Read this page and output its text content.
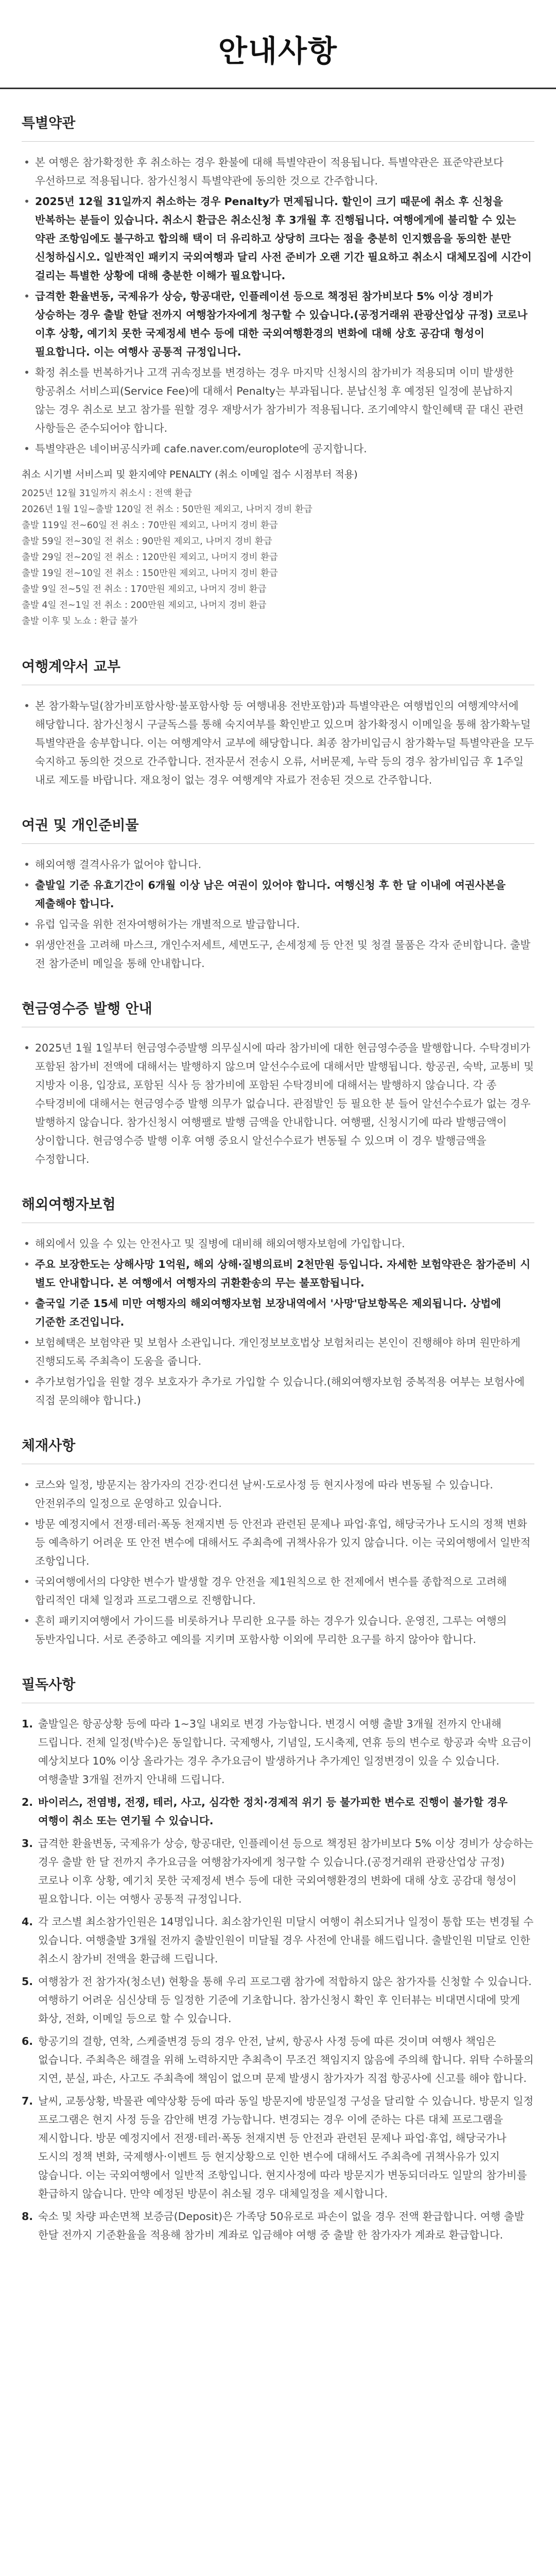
안내사항
특별약관
• 본 여행은 참가확정한 후 취소하는 경우 환불에 대해 특별약관이 적용됩니다. 특별약관은 표준약관보다 우선하므로 적용됩니다. 참가신청시 특별약관에 동의한 것으로 간주합니다.
• 2025년 12월 31일까지 취소하는 경우 Penalty가 면제됩니다. 할인이 크기 때문에 취소 후 신청을 반복하는 분들이 있습니다. 취소시 환급은 취소신청 후 3개월 후 진행됩니다. 여행에게에 불리할 수 있는 약관 조항임에도 불구하고 합의해 택이 더 유리하고 상당히 크다는 점을 충분히 인지했음을 동의한 분만 신청하십시오. 일반적인 패키지 국외여행과 달리 사전 준비가 오랜 기간 필요하고 취소시 대체모집에 시간이 걸리는 특별한 상황에 대해 충분한 이해가 필요합니다.
• 급격한 환율변동, 국제유가 상승, 항공대란, 인플레이션 등으로 책정된 참가비보다 5% 이상 경비가 상승하는 경우 출발 한달 전까지 여행참가자에게 청구할 수 있습니다.(공정거래위 관광산업상 규정) 코로나 이후 상황, 예기치 못한 국제정세 변수 등에 대한 국외여행환경의 변화에 대해 상호 공감대 형성이 필요합니다. 이는 여행사 공통적 규정입니다.
• 확정 취소를 번복하거나 고객 귀속정보를 변경하는 경우 마지막 신청시의 참가비가 적용되며 이미 발생한 항공취소 서비스피(Service Fee)에 대해서 Penalty는 부과됩니다. 분납신청 후 예정된 일정에 분납하지 않는 경우 취소로 보고 참가를 원할 경우 재방서가 참가비가 적용됩니다. 조기예약시 할인혜택 끝 대신 관련 사항들은 준수되어야 합니다.
• 특별약관은 네이버공식카페 cafe.naver.com/europlote에 공지합니다.
취소 시기별 서비스피 및 환지예약 PENALTY (취소 이메일 접수 시점부터 적용)
2025년 12월 31일까지 취소시 : 전액 환급
2026년 1월 1일~출발 120일 전 취소 : 50만원 제외고, 나머지 경비 환급
출발 119일 전~60일 전 취소 : 70만원 제외고, 나머지 경비 환급
출발 59일 전~30일 전 취소 : 90만원 제외고, 나머지 경비 환급
출발 29일 전~20일 전 취소 : 120만원 제외고, 나머지 경비 환급
출발 19일 전~10일 전 취소 : 150만원 제외고, 나머지 경비 환급
출발 9일 전~5일 전 취소 : 170만원 제외고, 나머지 경비 환급
출발 4일 전~1일 전 취소 : 200만원 제외고, 나머지 경비 환급
출발 이후 및 노쇼 : 환급 불가
여행계약서 교부
• 본 참가확누덜(참가비포함사항·불포함사항 등 여행내용 전반포함)과 특별약관은 여행법인의 여행계약서에 해당합니다. 참가신청시 구글독스를 통해 숙지여부를 확인받고 있으며 참가확정시 이메일을 통해 참가확누덜 특별약관을 송부합니다. 이는 여행계약서 교부에 해당합니다. 최종 참가비입금시 참가확누덜 특별약관을 모두 숙지하고 동의한 것으로 간주합니다. 전자문서 전송시 오류, 서버문제, 누락 등의 경우 참가비입금 후 1주일 내로 제도를 바랍니다. 재요청이 없는 경우 여행계약 자료가 전송된 것으로 간주합니다.
여권 및 개인준비물
• 해외여행 결격사유가 없어야 합니다.
• 출발일 기준 유효기간이 6개월 이상 남은 여권이 있어야 합니다. 여행신청 후 한 달 이내에 여권사본을 제출해야 합니다.
• 유럽 입국을 위한 전자여행허가는 개별적으로 발급합니다.
• 위생안전을 고려해 마스크, 개인수저세트, 세면도구, 손세정제 등 안전 및 청결 물품은 각자 준비합니다. 출발 전 참가준비 메일을 통해 안내합니다.
현금영수증 발행 안내
• 2025년 1월 1일부터 현금영수증발행 의무실시에 따라 참가비에 대한 현금영수증을 발행합니다. 수탁경비가 포함된 참가비 전액에 대해서는 발행하지 않으며 알선수수료에 대해서만 발행됩니다. 항공권, 숙박, 교통비 및 지방자 이용, 입장료, 포함된 식사 등 참가비에 포함된 수탁경비에 대해서는 발행하지 않습니다. 각 종 수탁경비에 대해서는 현금영수증 발행 의무가 없습니다. 관점발인 등 필요한 분 들어 알선수수료가 없는 경우 발행하지 않습니다. 참가신청시 여행팰로 발행 금액을 안내합니다. 여행팰, 신청시기에 따라 발행금액이 상이합니다. 현금영수증 발행 이후 여행 중요시 알선수수료가 변동될 수 있으며 이 경우 발행금액을 수정합니다.
해외여행자보험
• 해외에서 있을 수 있는 안전사고 및 질병에 대비해 해외여행자보험에 가입합니다.
• 주요 보장한도는 상해사망 1억원, 해외 상해·질병의료비 2천만원 등입니다. 자세한 보험약관은 참가준비 시 별도 안내합니다. 본 여행에서 여행자의 귀환환송의 무는 불포함됩니다.
• 출국일 기준 15세 미만 여행자의 해외여행자보험 보장내역에서 '사망'담보항목은 제외됩니다. 상법에 기준한 조건입니다.
• 보험혜택은 보험약관 및 보험사 소관입니다. 개인정보보호법상 보험처리는 본인이 진행해야 하며 원만하게 진행되도록 주최측이 도움을 줍니다.
• 추가보험가입을 원할 경우 보호자가 추가로 가입할 수 있습니다.(해외여행자보험 중복적용 여부는 보험사에 직접 문의해야 합니다.)
체재사항
• 코스와 일정, 방문지는 참가자의 건강·컨디션 날씨·도로사정 등 현지사정에 따라 변동될 수 있습니다. 안전위주의 일정으로 운영하고 있습니다.
• 방문 예정지에서 전쟁·테러·폭동 천재지변 등 안전과 관련된 문제나 파업·휴업, 해당국가나 도시의 정책 변화 등 예측하기 어려운 또 안전 변수에 대해서도 주최측에 귀책사유가 있지 않습니다. 이는 국외여행에서 일반적 조항입니다.
• 국외여행에서의 다양한 변수가 발생할 경우 안전을 제1원칙으로 한 전제에서 변수를 종합적으로 고려해 합리적인 대체 일정과 프로그램으로 진행합니다.
• 흔히 패키지여행에서 가이드를 비롯하거나 무리한 요구를 하는 경우가 있습니다. 운영진, 그루는 여행의 동반자입니다. 서로 존중하고 예의를 지키며 포함사항 이외에 무리한 요구를 하지 않아야 합니다.
필독사항
1. 출발일은 항공상황 등에 따라 1~3일 내외로 변경 가능합니다. 변경시 여행 출발 3개월 전까지 안내해 드립니다. 전체 일정(박수)은 동일합니다. 국제행사, 기념일, 도시축제, 연휴 등의 변수로 항공과 숙박 요금이 예상치보다 10% 이상 올라가는 경우 추가요금이 발생하거나 추가계인 일정변경이 있을 수 있습니다. 여행출발 3개월 전까지 안내해 드립니다.
2. 바이러스, 전염병, 전쟁, 테러, 사고, 심각한 정치·경제적 위기 등 불가피한 변수로 진행이 불가할 경우 여행이 취소 또는 연기될 수 있습니다.
3. 급격한 환율변동, 국제유가 상승, 항공대란, 인플레이션 등으로 책정된 참가비보다 5% 이상 경비가 상승하는 경우 출발 한 달 전까지 추가요금을 여행참가자에게 청구할 수 있습니다.(공정거래위 관광산업상 규정) 코로나 이후 상황, 예기치 못한 국제정세 변수 등에 대한 국외여행환경의 변화에 대해 상호 공감대 형성이 필요합니다. 이는 여행사 공통적 규정입니다.
4. 각 코스별 최소참가인원은 14명입니다. 최소참가인원 미달시 여행이 취소되거나 일정이 통합 또는 변경될 수 있습니다. 여행출발 3개월 전까지 출발인원이 미달될 경우 사전에 안내를 해드립니다. 출발인원 미달로 인한 취소시 참가비 전액을 환급해 드립니다.
5. 여행참가 전 참가자(청소년) 현황을 통해 우리 프로그램 참가에 적합하지 않은 참가자를 신청할 수 있습니다. 여행하기 어려운 심신상태 등 일정한 기준에 기초합니다. 참가신청시 확인 후 인터뷰는 비대면시대에 맞게 화상, 전화, 이메일 등으로 할 수 있습니다.
6. 항공기의 결항, 연착, 스케줄변경 등의 경우 안전, 날씨, 항공사 사정 등에 따른 것이며 여행사 책임은 없습니다. 주최측은 해결을 위해 노력하지만 추최측이 무조건 책임지지 않음에 주의해 합니다. 위탁 수하물의 지연, 분실, 파손, 사고도 주최측에 책임이 없으며 문제 발생시 참가자가 직접 항공사에 신고를 해야 합니다.
7. 날씨, 교통상황, 박물관 예약상황 등에 따라 동일 방문지에 방문일정 구성을 달리할 수 있습니다. 방문지 일정 프로그램은 현지 사정 등을 감안해 변경 가능합니다. 변경되는 경우 이에 준하는 다른 대체 프로그램을 제시합니다. 방문 예정지에서 전쟁·테러·폭동 천재지변 등 안전과 관련된 문제나 파업·휴업, 해당국가나 도시의 정책 변화, 국제행사·이벤트 등 현지상황으로 인한 변수에 대해서도 주최측에 귀책사유가 있지 않습니다. 이는 국외여행에서 일반적 조항입니다. 현지사정에 따라 방문지가 변동되더라도 일말의 참가비를 환급하지 않습니다. 만약 예정된 방문이 취소될 경우 대체일정을 제시합니다.
8. 숙소 및 차량 파손면책 보증금(Deposit)은 가족당 50유로로 파손이 없을 경우 전액 환급합니다. 여행 출발 한달 전까지 기준환율을 적용해 참가비 계좌로 입금해야 여행 중 출발 한 참가자가 계좌로 환급합니다.
